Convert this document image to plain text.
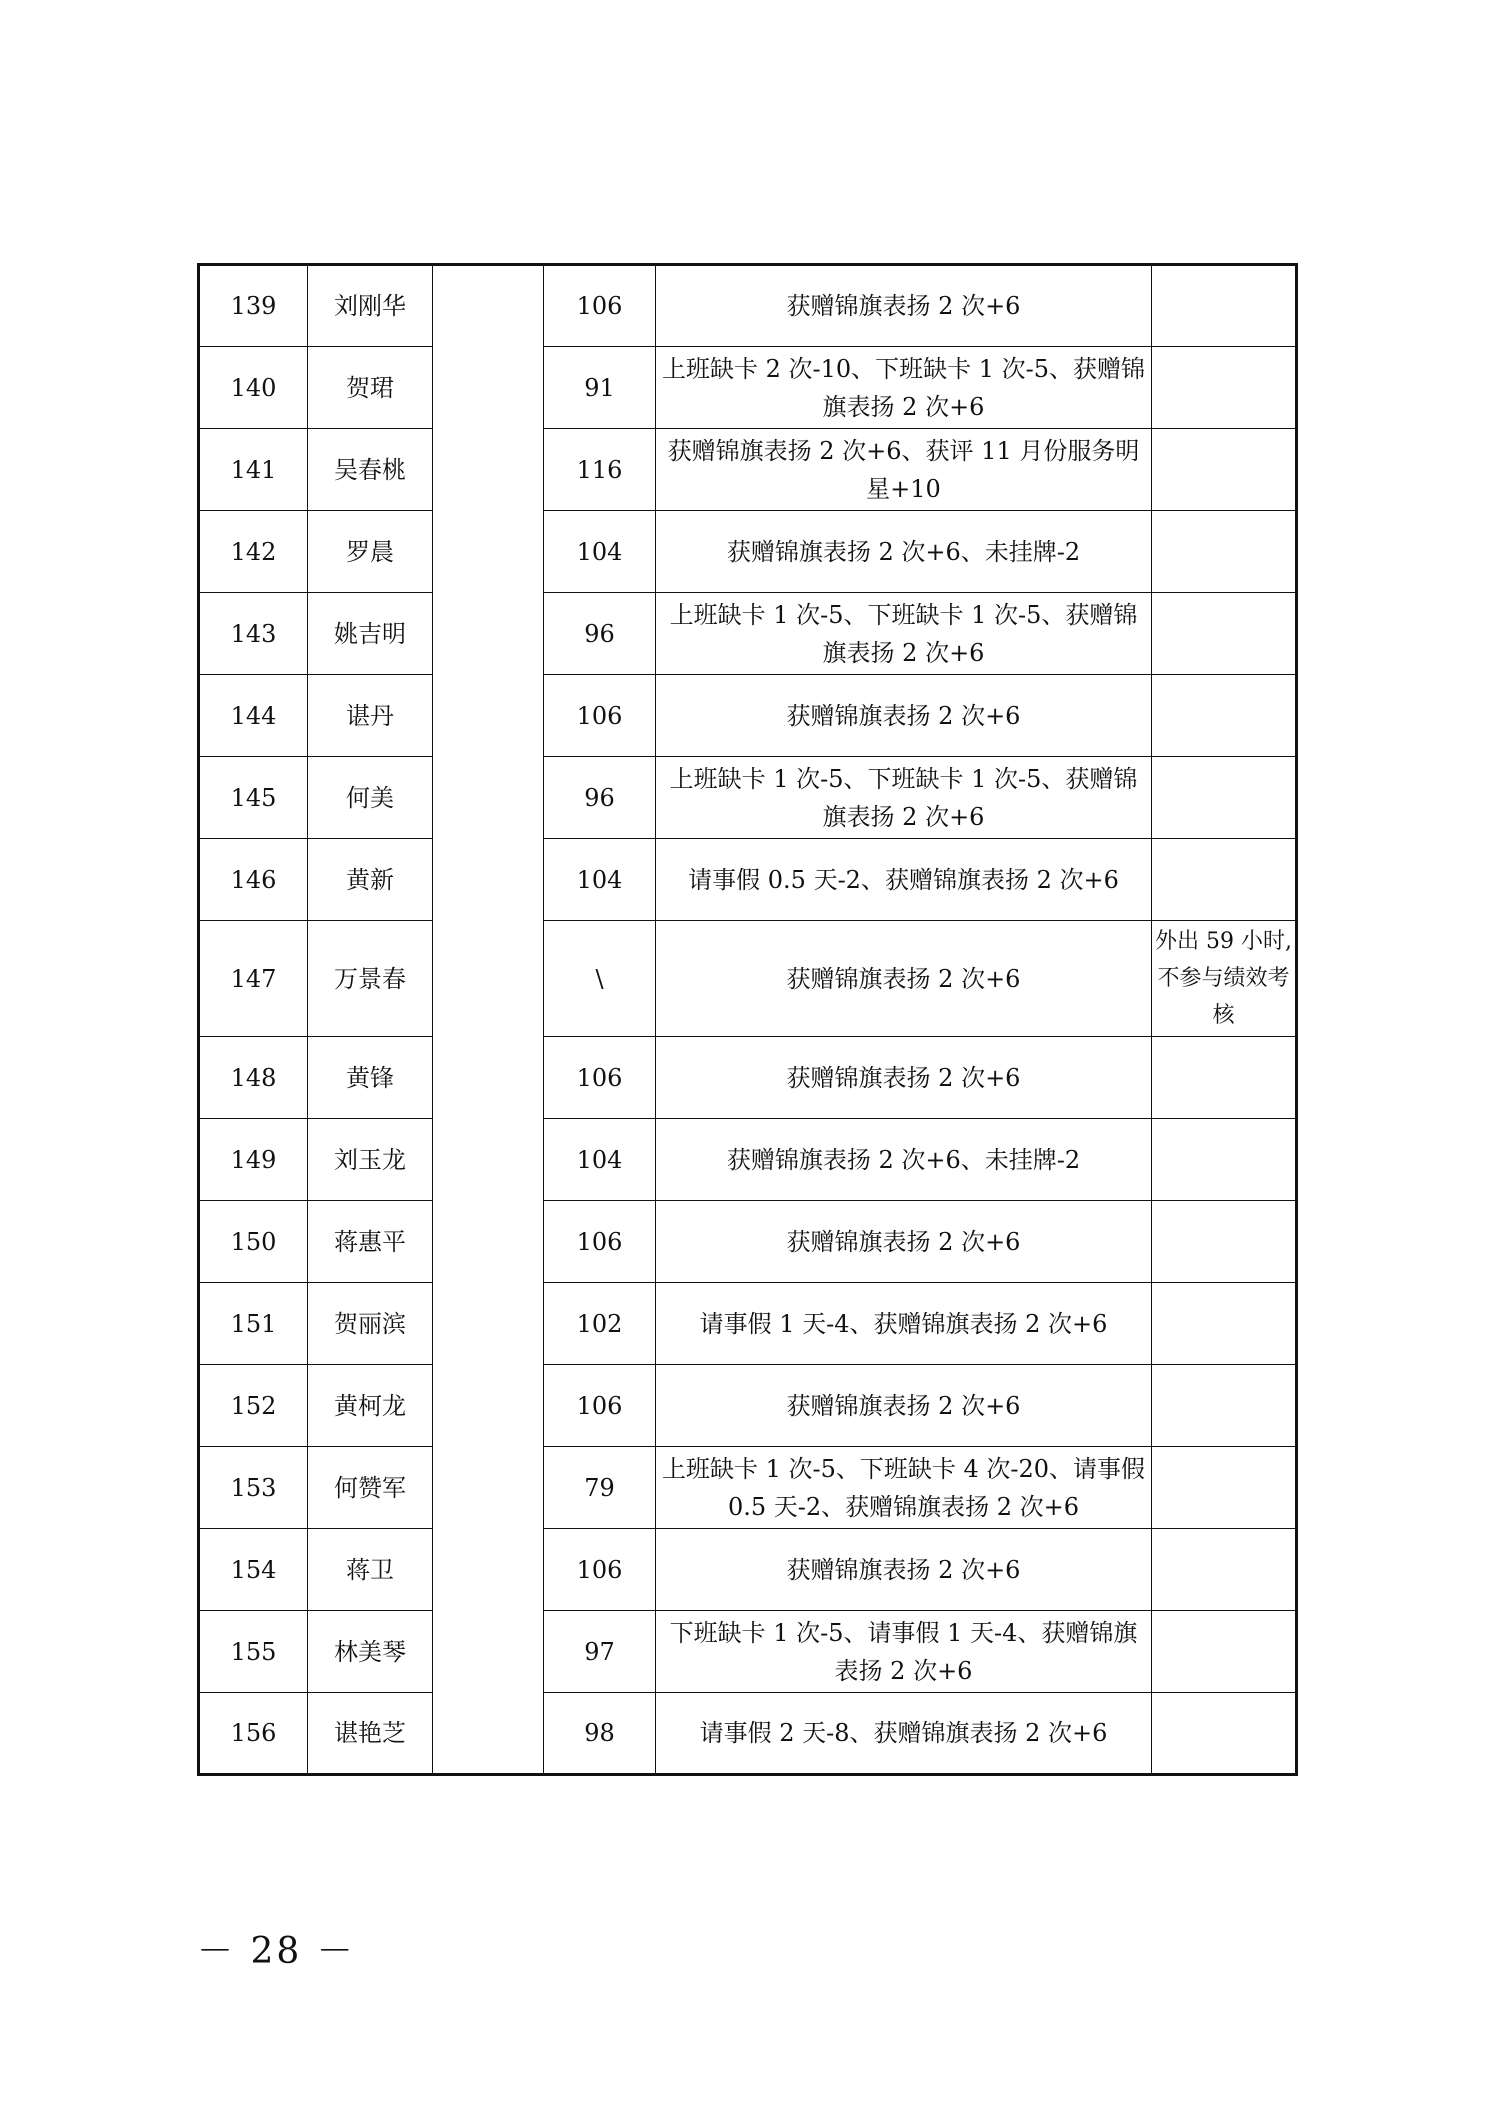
139	刘刚华		106	获赠锦旗表扬 2 次+6	
140	贺珺		91	上班缺卡 2 次-10、下班缺卡 1 次-5、获赠锦旗表扬 2 次+6	
141	吴春桃		116	获赠锦旗表扬 2 次+6、获评 11 月份服务明星+10	
142	罗晨		104	获赠锦旗表扬 2 次+6、未挂牌-2	
143	姚吉明		96	上班缺卡 1 次-5、下班缺卡 1 次-5、获赠锦旗表扬 2 次+6	
144	谌丹		106	获赠锦旗表扬 2 次+6	
145	何美		96	上班缺卡 1 次-5、下班缺卡 1 次-5、获赠锦旗表扬 2 次+6	
146	黄新		104	请事假 0.5 天-2、获赠锦旗表扬 2 次+6	
147	万景春		\	获赠锦旗表扬 2 次+6	外出 59 小时,不参与绩效考核
148	黄锋		106	获赠锦旗表扬 2 次+6	
149	刘玉龙		104	获赠锦旗表扬 2 次+6、未挂牌-2	
150	蒋惠平		106	获赠锦旗表扬 2 次+6	
151	贺丽滨		102	请事假 1 天-4、获赠锦旗表扬 2 次+6	
152	黄柯龙		106	获赠锦旗表扬 2 次+6	
153	何赞军		79	上班缺卡 1 次-5、下班缺卡 4 次-20、请事假 0.5 天-2、获赠锦旗表扬 2 次+6	
154	蒋卫		106	获赠锦旗表扬 2 次+6	
155	林美琴		97	下班缺卡 1 次-5、请事假 1 天-4、获赠锦旗表扬 2 次+6	
156	谌艳芝		98	请事假 2 天-8、获赠锦旗表扬 2 次+6	
－ 28 －
